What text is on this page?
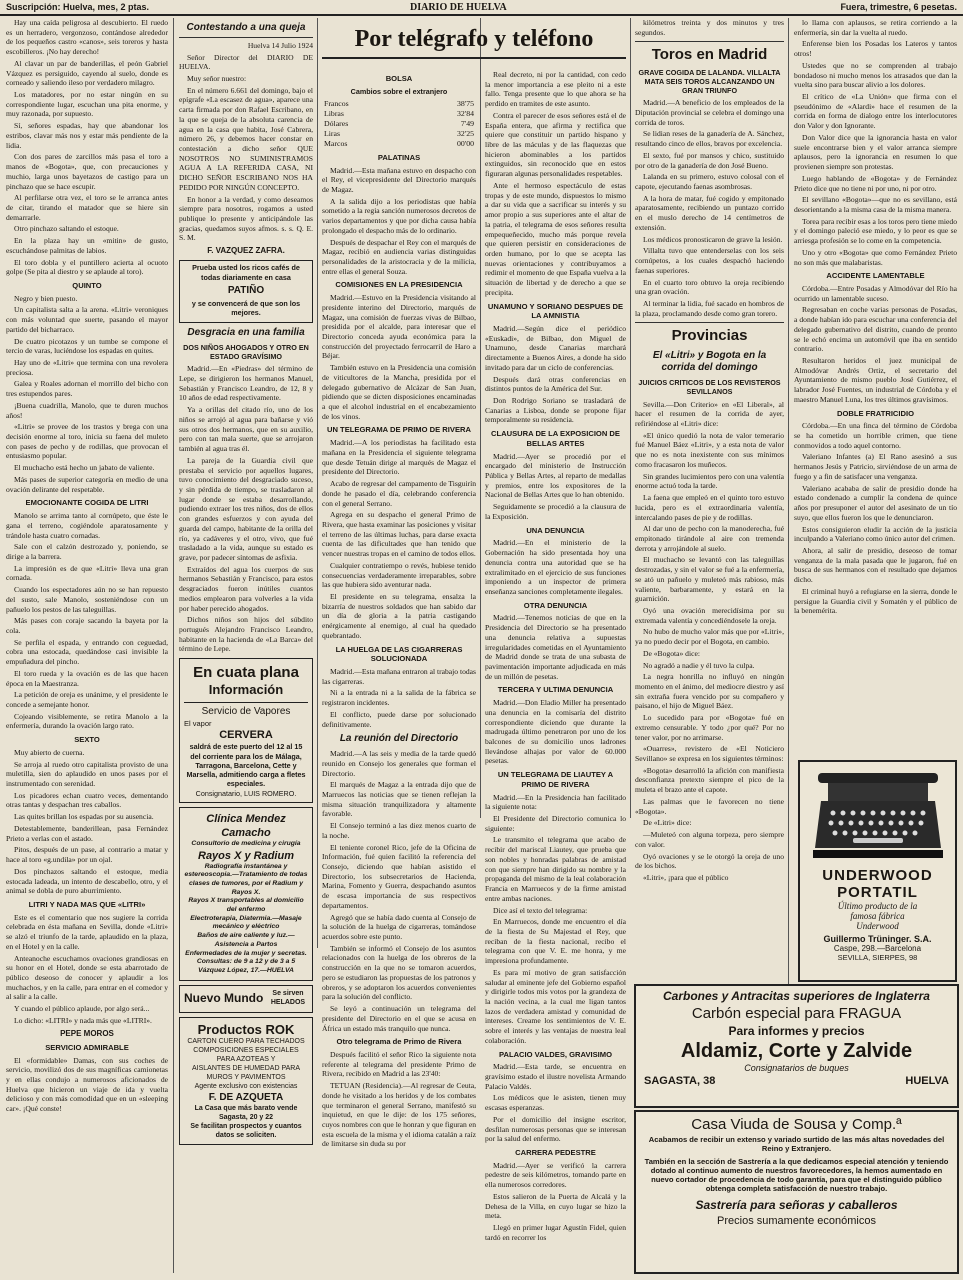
Suscripción: Huelva, mes, 2 ptas.	DIARIO DE HUELVA	Fuera, trimestre, 6 pesetas.

Hay una caída peligrosa al descubierto. El ruedo es un herradero, vergonzoso, contándose alrededor de los pequeños castro «canos», seis toreros y hasta escobilleros. ¡No hay derecho!

Al clavar un par de banderillas, el peón Gabriel Vázquez es persiguido, cayendo al suelo, donde es corneado y saliendo ileso por verdadero milagro.

Los matadores, por no estar ningún en su correspondiente lugar, escuchan una pita enorme, y muy razonada, por supuesto.

Sí, señores espadas, hay que abandonar los estribos, clavar más nos y estar más pendiente de la lidia.

Con dos pares de zarcillos más pasa el toro a manos de «Bogota», que, con precauciones y muchio, larga unos bayetazos de castigo para un pinchazo que se hace escupir.

Al perfilarse otra vez, el toro se le arranca antes de citar, tirando el matador que se hiere sin demarrarle.

Otro pinchazo saltando el estoque.

En la plaza hay un «mitin» de gusto, escuchándose palmitas de labios.

El toro dobla y el puntillero acierta al ocuoto golpe (Se pita al diestro y se aplaude al toro).

QUINTO

Negro y bien puesto.

Un capitalista salta a la arena. «Litri» veroniques con más voluntad que suerte, pasando el mayor partido del bicharraco.

De cuatro picotazos y un tumbe se compone el tercio de varas, luciéndose los espadas en quites.

Hay uno de «Litri» que termina con una revolera preciosa.

Galea y Roales adornan el morrillo del bicho con tres estupendos pares.

¡Buena cuadrilla, Manolo, que te duren muchos años!

«Litri» se provee de los trastos y brega con una decisión enorme al toro, inicia su faena del muleto con pases de pecho y de rodillas, que provocan el entusiasmo popular.

El muchacho está hecho un jabato de valiente.

Más pases de superior categoría en medio de una ovación delirante del respetable.

EMOCIONANTE COGIDA DE LITRI

Manolo se arrima tanto al cornúpeto, que éste le gana el terreno, cogiéndole aparatosamente y trándole hasta cuatro cornadas.

Sale con el calzón destrozado y, poniendo, se dirige a la barrera.

La impresión es de que «Litri» lleva una gran cornada.

Cuando los espectadores aún no se han repuesto del susto, sale Manolo, sosteniéndose con un pañuelo los pestos de las taleguillas.

Más pases con coraje sacando la bayeta por la cola.

Se perfila el espada, y entrando con ceguedad, cobra una estocada, quedándose casi invisible la empuñadura del pincho.

El toro rueda y la ovación es de las que hacen época en la Maestranza.

La petición de oreja es unánime, y el presidente le concede a semejante honor.

Cojeando visiblemente, se retira Manolo a la enfermería, durando la ovación largo rato.

SEXTO

Muy abierto de cuerna.

Se arroja al ruedo otro capitalista provisto de una muletilla, sien do aplaudido en unos pases por el instrumentado con serenidad.

Los picadores echan cuatro veces, dementando otras tantas y despachan tres caballos.

Las quites brillan los espadas por su ausencia.

Detestablemente, banderillean, pasa Fernández Prieto a verlas con el astado.

Pitos, después de un pase, al contrario a matar y hace al toro «g.undila» por un ojal.

Dos pinchazos saltando el estoque, media estocada ladeada, un intento de descabello, otro, y el animal se dobla de puro aburrimiento.

LITRI Y NADA MAS QUE «LITRI»

Este es el comentario que nos sugiere la corrida celebrada en ésta mañana en Sevilla, donde «Litri» se alzó el triunfo de la tarde, aplaudido en la plaza, en el Hotel y en la calle.

Anteanoche escuchamos ovaciones grandiosas en su honor en el Hotel, donde se esta abarrotado de público deseoso de conocer y aplaudir a los muchachos, y en la calle, para entrar en el comedor y al salir a la calle.

Y cuando el público aplaude, por algo será...

Lo dicho: «LITRI» y nada más que «LITRI».

PEPE MOROS
SERVICIO ADMIRABLE

El «formidable» Damas, con sus coches de servicio, movilizó dos de sus magníficas camionetas y en ellas condujo a numerosos aficionados de Huelva que hicieron un viaje de ida y vuelta delicioso y con más comodidad que en un «sleeping car». ¡Qué conste!

Contestando a una queja

Huelva 14 Julio 1924

Señor Director del DIARIO DE HUELVA.

Muy señor nuestro:

En el número 6.661 del domingo, bajo el epígrafe «La escasez de agua», aparece una carta firmada por don Rafael Escribano, en la que se queja de la absoluta carencia de agua en la casa que habita, José Cabrera, número 26, y debemos hacer constar en contestación a dicho señor QUE NOSOTROS NO SUMINISTRAMOS AGUA A LA REFERIDA CASA, NI DICHO SEÑOR ESCRIBANO NOS HA PEDIDO POR NINGÚN CONCEPTO.

En honor a la verdad, y como deseamos siempre para nosotros, rogamos a usted publique lo presente y anticipándole las gracias, quedamos suyos afmos. s. s. Q. E. S. M.

F. VAZQUEZ ZAFRA.
Prueba usted los ricos cafés de todas diariamente en casa
PATIÑO
y se convencerá de que son los mejores.
Desgracia en una familia
DOS NIÑOS AHOGADOS Y OTRO EN ESTADO GRAVÍSIMO

Madrid.—En «Piedras» del término de Lepe, se dirigieron los hermanos Manuel, Sebastián y Francisco Leandro, de 12, 8 y 10 años de edad respectivamente.

Ya a orillas del citado río, uno de los niños se arrojó al agua para bañarse y vió sus otros dos hermanos, que en su auxilio, pero con tan mala suerte, que se arrojaron también al agua tras él.

La pareja de la Guardia civil que prestaba el servicio por aquellos lugares, tuvo conocimiento del desgraciado suceso, y sin pérdida de tiempo, se trasladaron al lugar donde se estaba desarrollando, pudiendo extraer los tres niños, dos de ellos con grandes esfuerzos y con ayuda del guarda del campo, habitante de la orilla del río, ya cadáveres y el otro, vivo, que fué trasladado a la vida, aunque su estado es grave, por padecer síntomas de asfixia.

Extraídos del agua los cuerpos de sus hermanos Sebastián y Francisco, para estos desgraciados fueron inútiles cuantos medios emplearon para volverles a la vida por haber perecido ahogados.

Dichos niños son hijos del súbdito portugués Alejandro Francisco Leandro, habitante en la hacienda de «La Barca» del término de Lepe.

En cuata plana
Información
Servicio de Vapores
El vapor
CERVERA
saldrá de este puerto del 12 al 15 del corriente para los de Málaga, Tarragona, Barcelona, Cette y Marsella, admitiendo carga a fletes especiales.
Consignatario, LUIS ROMERO.
Clínica Mendez Camacho
Consultorio de medicina y cirugía
Rayos X y Radium
Radiografía instantánea y estereoscopia.—Tratamiento de todas clases de tumores, por el Radium y Rayos X.
Rayos X transportables al domicilio del enfermo
Electroterapia, Diatermia.—Masaje mecánico y eléctrico
Baños de aire caliente y luz.—Asistencia a Partos
Enfermedades de la mujer y secretas.
Consultas: de 9 a 12 y de 3 a 5
Vázquez López, 17.—HUELVA
Nuevo Mundo	Se sirven HELADOS
Productos ROK
CARTON CUERO PARA TECHADOS
COMPOSICIONES ESPECIALES PARA AZOTEAS Y
AISLANTES DE HUMEDAD PARA MUROS Y PAVIMENTOS
Agente exclusivo con existencias
F. DE AZQUETA
La Casa que más barato vende
Sagasta, 20 y 22
Se facilitan prospectos y cuantos datos se soliciten.
Por telégrafo y teléfono
BOLSA
Cambios sobre el extranjero
Francos	38'75
Libras	32'84
Dólares	7'49
Liras	32'25
Marcos	00'00
PALATINAS

Madrid.—Esta mañana estuvo en despacho con el Rey, el vicepresidente del Directorio marqués de Magaz.

A la salida dijo a los periodistas que había sometido a la regia sanción numerosos decretos de varios departamentos y que por dicha causa había prolongado el despacho más de lo ordinario.

Después de despachar el Rey con el marqués de Magaz, recibió en audiencia varias distinguidas personalidades de la aristocracia y de la milicia, entre ellas el general Souza.

COMISIONES EN LA PRESIDENCIA

Madrid.—Estuvo en la Presidencia visitando al presidente interino del Directorio, marqués de Magaz, una comisión de fuerzas vivas de Bilbao, presidida por el alcalde, para interesar que el Directorio conceda ayuda económica para la construcción del proyectado ferrocarril de Haro a Béjar.

También estuvo en la Presidencia una comisión de viticultores de la Mancha, presidida por el delegado gubernativo de Alcázar de San Juan, pidiendo que se dicten disposiciones encaminadas a que el alcohol industrial en el encabezamiento de los vinos.

UN TELEGRAMA DE PRIMO DE RIVERA

Madrid.—A los periodistas ha facilitado esta mañana en la Presidencia el siguiente telegrama que desde Tetuán dirige al marqués de Magaz el presidente del Directorio.

Acabo de regresar del campamento de Tisguirín donde he pasado el día, celebrando conferencia con el general Serrano.

Agrega en su despacho el general Primo de Rivera, que hasta examinar las posiciones y visitar el terreno de las últimas luchas, para darse exacta cuenta de las dificultades que han tenido que vencer nuestras tropas en el camino de todos ellos.

Cualquier contratiempo o revés, hubiese tenido consecuencias verdaderamente irreparables, sobre las que hubiera sido aventurar nada.

El presidente en su telegrama, ensalza la bizarría de nuestros soldados que han sabido dar un día de gloria a la patria castigando enérgicamente al enemigo, al cual ha quedado quebrantado.

LA HUELGA DE LAS CIGARRERAS SOLUCIONADA

Madrid.—Esta mañana entraron al trabajo todas las cigarreras.

Ni a la entrada ni a la salida de la fábrica se registraron incidentes.

El conflicto, puede darse por solucionado definitivamente.

La reunión del Directorio

Madrid.—A las seis y media de la tarde quedó reunido en Consejo los generales que forman el Directorio.

El marqués de Magaz a la entrada dijo que de Marruecos las noticias que se tienen reflejan la misma situación tranquilizadora y altamente favorable.

El Consejo terminó a las diez menos cuarto de la noche.

El teniente coronel Rico, jefe de la Oficina de Información, fué quien facilitó la referencia del Consejo, diciendo que habían asistido el Directorio, los subsecretarios de Hacienda, Marina, Fomento y Guerra, despachando asuntos de escasa importancia de sus respectivos departamentos.

Agregó que se había dado cuenta al Consejo de la solución de la huelga de cigarreras, tomándose acuerdos sobre este punto.

También se informó el Consejo de los asuntos relacionados con la huelga de los obreros de la construcción en la que no se tomaron acuerdos, pero se estudiaron las propuestas de los patronos y obreros, y se adoptaron los acuerdos convenientes para la solución del conflicto.

Se leyó a continuación un telegrama del presidente del Directorio en el que se acusa en África un estado más tranquilo que nunca.

Otro telegrama de Primo de Rivera

Después facilitó el señor Rico la siguiente nota referente al telegrama del presidente Primo de Rivera, recibido en Madrid a las 23'40:

TETUAN (Residencia).—Al regresar de Ceuta, donde he visitado a los heridos y de los combates que terminaron el general Serrano, manifestó su inquietud, en que le dije: de los 175 señores, cuyos nombres con que le honran y que figuran en esta escuela de la misma y el idioma catalán a raíz de limitarse sin duda su por

Real decreto, ni por la cantidad, con cedo la menor importancia a ese pleito ni a este fallo. Tenga presente que lo que ahora se ha perdido en tramites de este asunto.

Contra el parecer de esos señores está el de España entera, que afirma y rectifica que quiere que constituir un partido hispano y libre de las máculas y de las flaquezas que hicieron abominables a los partidos extinguidos, sin reconocido que en estos figuraran algunas personalidades respetables.

Ante el hermoso espectáculo de estas tropas y de este mundo, dispuestos lo mismo a dar su vida que a sacrificar su interés y su amor propio a sus superiores ante el altar de la patria, el telegrama de esos señores resulta empequeñecido, mucho más porque revela que quieren persistir en consideraciones de orden humano, por lo que se acepta las nuevas orientaciones y contribuyamos a redimir el momento de que España vuelva a la situación de libertad y de derecho a que se precipita.

UNAMUNO Y SORIANO DESPUES DE LA AMNISTIA

Madrid.—Según dice el periódico «Euskadi», de Bilbao, don Miguel de Unamuno, desde Canarias marchará directamente a Buenos Aires, a donde ha sido invitado para dar un ciclo de conferencias.

Después dará otras conferencias en distintos puntos de la América del Sur.

Don Rodrigo Soriano se trasladará de Canarias a Lisboa, donde se propone fijar temporalmente su residencia.

CLAUSURA DE LA EXPOSICION DE BELLAS ARTES

Madrid.—Ayer se procedió por el encargado del ministerio de Instrucción Pública y Bellas Artes, al reparto de medallas y premios, entre los expositores de la Nacional de Bellas Artes que lo han obtenido.

Seguidamente se procedió a la clausura de la Exposición.

UNA DENUNCIA

Madrid.—En el ministerio de la Gobernación ha sido presentada hoy una denuncia contra una autoridad que se ha extralimitado en el ejercicio de sus funciones imponiendo a un inspector de primera enseñanza sanciones completamente ilegales.

OTRA DENUNCIA

Madrid.—Tenemos noticias de que en la Presidencia del Directorio se ha presentado una denuncia relativa a supuestas irregularidades cometidas en el Ayuntamiento de Madrid donde se trata de una subasta de pavimentación importante adjudicada en más de un millón de pesetas.

TERCERA Y ULTIMA DENUNCIA

Madrid.—Don Eladio Miller ha presentado una denuncia en la comisaría del distrito correspondiente diciendo que durante la madrugada último penetraron por uno de los balcones de su domicilio unos ladrones llevándose alhajas por valor de 60.000 pesetas.

UN TELEGRAMA DE LIAUTEY A PRIMO DE RIVERA

Madrid.—En la Presidencia han facilitado la siguiente nota:

El Presidente del Directorio comunica lo siguiente:

Le transmito el telegrama que acabo de recibir del mariscal Liautey, que prueba que son nobles y honradas palabras de amistad con que siempre han dirigido su nombre y la propaganda del mismo de la leal colaboración Francia en Marruecos y de la firme amistad entre ambas naciones.

Dice así el texto del telegrama:

En Marruecos, donde me encuentro el día de la fiesta de Su Majestad el Rey, que reciban de la fiesta nacional, recibo el telegrama con que V. E. me honra, y me impresiona profundamente.

Es para mí motivo de gran satisfacción saludar al eminente jefe del Gobierno español y dirigirle todos mis votos por la grandeza de la nación vecina, a la cual me ligan tantos lazos de verdadera amistad y comunidad de intereses. Creame los sentimientos de V. E. sobre el interés y las ventajas de nuestra leal colaboración.

PALACIO VALDES, GRAVISIMO

Madrid.—Esta tarde, se encuentra en gravísimo estado el ilustre novelista Armando Palacio Valdés.

Los médicos que le asisten, tienen muy escasas esperanzas.

Por el domicilio del insigne escritor, desfilan numerosas personas que se interesan por la salud del enfermo.

CARRERA PEDESTRE

Madrid.—Ayer se verificó la carrera pedestre de seis kilómetros, tomando parte en ella numerosos corredores.

Estos salieron de la Puerta de Alcalá y la Dehesa de la Villa, en cuyo lugar se hizo la meta.

Llegó en primer lugar Agustín Fidel, quien tardó en recorrer los

kilómetros treinta y dos minutos y tres segundos.

Toros en Madrid
GRAVE COGIDA DE LALANDA. VILLALTA MATA SEIS TOROS ALCANZANDO UN GRAN TRIUNFO

Madrid.—A beneficio de los empleados de la Diputación provincial se celebra el domingo una corrida de toros.

Se lidian reses de la ganadería de A. Sánchez, resultando cinco de ellos, bravos por excelencia.

El sexto, fué por mansos y chico, sustituido por otro de la ganadería de don José Bueno.

Lalanda en su primero, estuvo colosal con el capote, ejecutando faenas asombrosas.

A la hora de matar, fué cogido y empitonado aparatosamente, recibiendo un puntazo corrido en el muslo derecho de 14 centímetros de extensión.

Los médicos pronosticaron de grave la lesión.

Villalta tuvo que entenderselas con los seis cornúpetos, a los cuales despachó haciendo faenas superiores.

En el cuarto toro obtuvo la oreja recibiendo una gran ovación.

Al terminar la lidia, fué sacado en hombros de la plaza, proclamando desde como gran torero.

Provincias
El «Litri» y Bogota en la corrida del domingo
JUICIOS CRITICOS DE LOS REVISTEROS SEVILLANOS

Sevilla.—Don Criterio» en «El Liberal», al hacer el resumen de la corrida de ayer, refiriéndose al «Litri» dice:

«El único quedió la nota de valor temerario fué Manuel Báez «Litri», y a esta nota de valor que no es nota inexistente con sus mínimos como fracasaron los muñecos.

Sin grandes lucimientos pero con una valentía enorme actuó toda la tarde.

La faena que empleó en el quinto toro estuvo lucida, pero es el extraordinaria valentía, intercalando pases de pie y de rodillas.

Al dar uno de pecho con la manoderecha, fué empitonado tirándole al aire con tremenda derrota y arrojándole al suelo.

El muchacho se levantó con las taleguillas destrozadas, y sin el valor se fué a la enfermería, se ató un pañuelo y muleteó más rabioso, más valiente, barbaramente, y estará en la guarnición.

Oyó una ovación merecidísima por su extremada valentía y concediéndosele la oreja.

No hubo de mucho valor más que por «Litri», ya no puedo decir por el Bogota, en cambio.

De «Bogota» dice:

No agradó a nadie y él tuvo la culpa.

La negra honrilla no influyó en ningún momento en el ánimo, del mediocre diestro y así sin extraña fuera vencido por su compañero y paisano, el hijo de Miguel Báez.

Lo sucedido para por «Bogota» fué en extremo censurable. Y todo ¿por qué? Por no tener valor, por no arrimarse.

«Ouarres», revistero de «El Noticiero Sevillano» se expresa en los siguientes términos:

«Bogota» desarrolló la afición con manifiesta desconfianza pretexto siempre el pico de la muleta el brazo ante el capote.

Las palmas que le favorecen no tiene «Bogota».

De «Litri» dice:

—Muleteó con alguna torpeza, pero siempre con valor.

Oyó ovaciones y se le otorgó la oreja de uno de los bichos.

«Litri», ¡para que el público

lo llama con aplausos, se retira corriendo a la enfermería, sin dar la vuelta al ruedo.

Enferense bien los Posadas los Lateros y tantos otros!

Ustedes que no se comprenden al trabajo bondadoso ni mucho menos los atrasados que dan la vuelta sino para buscar alivio a los dolores.

El crítico de «La Unión» que firma con el pseudónimo de «Alardi» hace el resumen de la corrida en forma de dialogo entre los interlocutores don Valor y don Ignorante.

Don Valor dice que la ignorancia hasta en valor suele encontrarse bien y el valor arranca siempre aplausos, pero la ignorancia en resumen lo que provienen siempre son protestas.

Luego hablando de «Bogota» y de Fernández Prieto dice que no tiene ni por uno, ni por otro.

El sevillano «Bogota»—que no es sevillano, está desorientando a la misma casa de la misma manera.

Torea para recibir esas a los toros pero tiene miedo y el domingo paleció ese miedo, y lo peor es que se arriesga profesión se lo come en la competencia.

Uno y otro «Bogota» que como Fernández Prieto no son más que malabaristas.

ACCIDENTE LAMENTABLE

Córdoba.—Entre Posadas y Almodóvar del Río ha ocurrido un lamentable suceso.

Regresaban en coche varias personas de Posadas, a donde habían ido para escuchar una conferencia del delegado gubernativo del distrito, cuando de pronto se le echó encima un automóvil que iba en sentido contrario.

Resultaron heridos el juez municipal de Almodóvar Andrés Ortiz, el secretario del Ayuntamiento de mismo pueblo José Gutiérrez, el labrador José Fuentes, un industrial de Córdoba y el maestro Manuel Luna, los tres últimos gravísimos.

DOBLE FRATRICIDIO

Córdoba.—En una finca del término de Córdoba se ha cometido un horrible crimen, que tiene conmovidos a todo aquel contorno.

Valeriano Infantes (a) El Rano asesinó a sus hermanos Jesús y Patricio, sirviéndose de un arma de fuego y a fin de satisfacer una venganza.

Valeriano acababa de salir de presidio donde ha estado condenado a cumplir la condena de quince años por presuponer el autor del asesinato de un tío suyo, que ellos fueron los que le denunciaron.

Estos consiguieron eludir la acción de la justicia inculpando a Valeriano como único autor del crimen.

Ahora, al salir de presidio, deseoso de tomar venganza de la mala pasada que le jugaron, fué en busca de sus hermanos con el resultado que dejamos dicho.

El criminal huyó a refugiarse en la sierra, donde le persigue la Guardia civil y Somatén y el público de la benemérita.

UNDERWOOD
PORTATIL
Último producto de la
famosa fábrica
Underwood
Guillermo Trüninger. S.A.
Caspe, 298.—Barcelona
SEVILLA, SIERPES, 98
Carbones y Antracitas superiores de Inglaterra
Carbón especial para FRAGUA
Para informes y precios
Aldamiz, Corte y Zalvide
Consignatarios de buques
SAGASTA, 38	HUELVA
Casa Viuda de Sousa y Comp.ª
Acabamos de recibir un extenso y variado surtido de las más altas novedades del Reino y Extranjero.
También en la sección de Sastrería a la que dedicamos especial atención y teniendo dotado al continuo aumento de nuestros favorecedores, la hemos aumentado en nuevo cortador de procedencia de todo garantía, para que el distinguido público obtenga completa satisfacción de nuestro trabajo.
Sastrería para señoras y caballeros
Precios sumamente económicos
